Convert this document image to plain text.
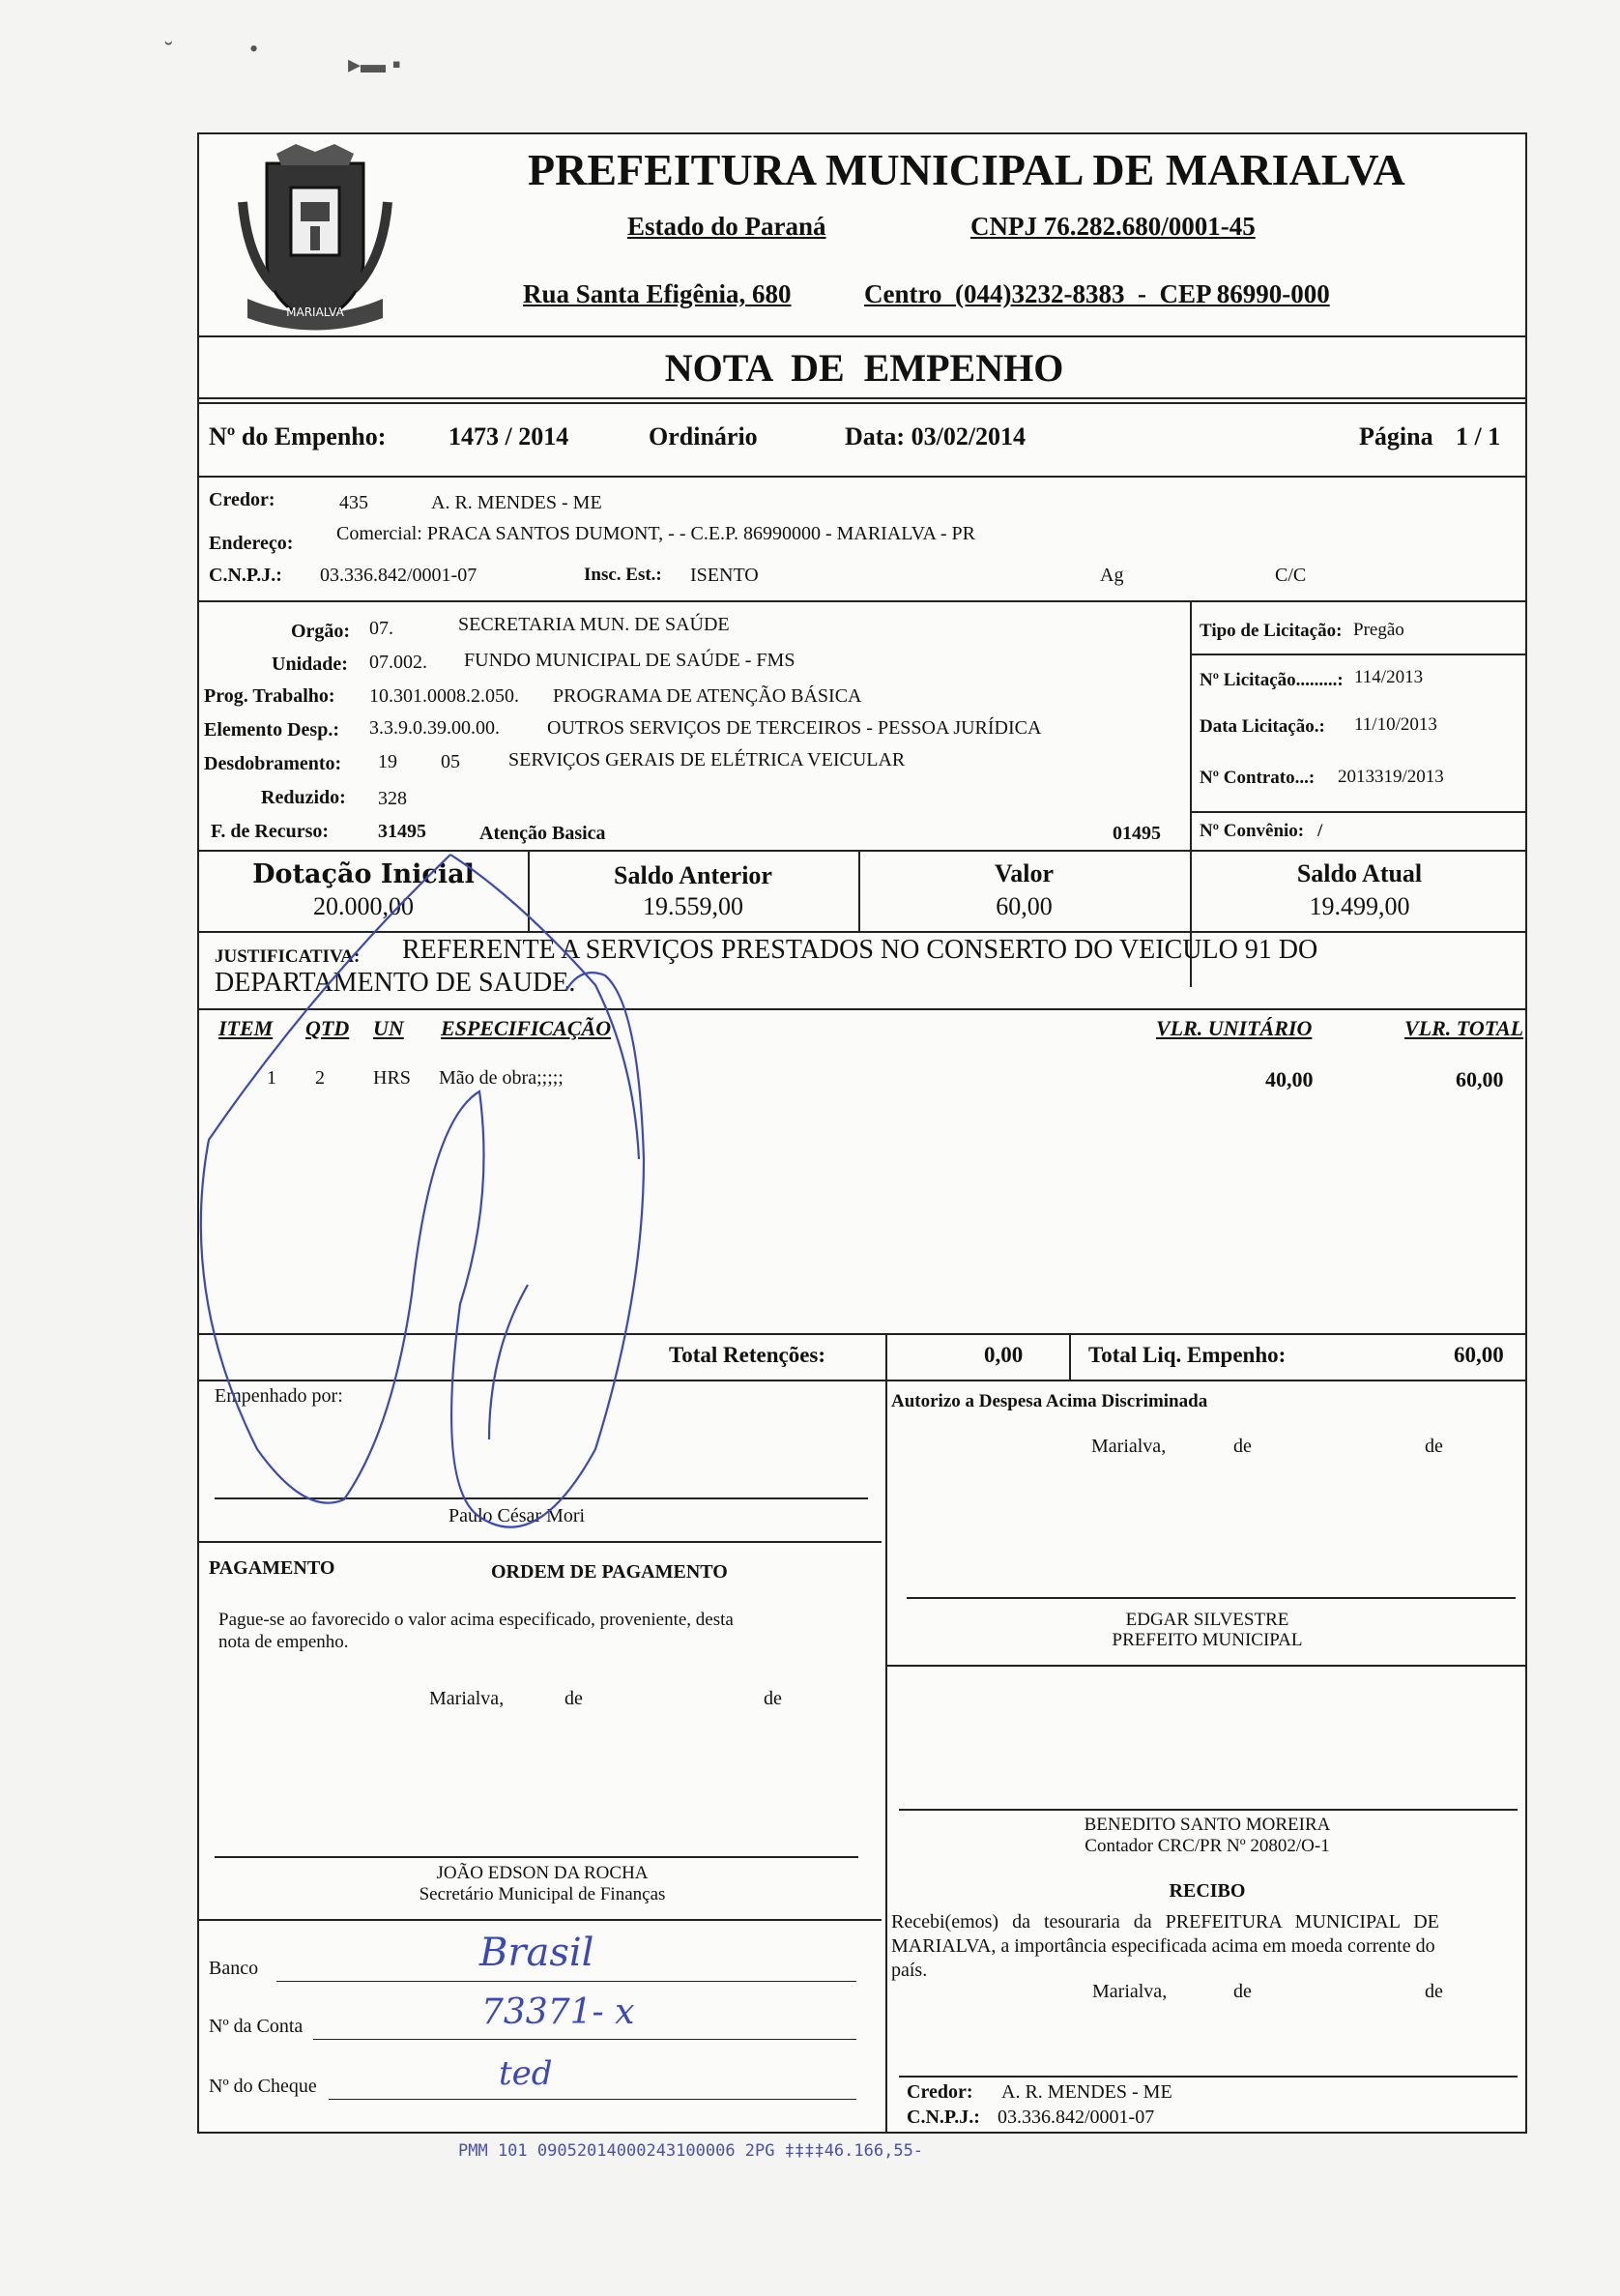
˘	•
▸▬ ▪
MARIALVA
PREFEITURA MUNICIPAL DE MARIALVA
Estado do Paraná	CNPJ 76.282.680/0001-45
Rua Santa Efigênia, 680	Centro  (044)3232-8383  -  CEP 86990-000
NOTA  DE  EMPENHO
Nº do Empenho: 1473 / 2014	Ordinário	Data: 03/02/2014	Página 1 / 1
Credor:	435	A. R. MENDES - ME
Endereço: Comercial: PRACA SANTOS DUMONT, - - C.E.P. 86990000 - MARIALVA - PR
C.N.P.J.: 03.336.842/0001-07	Insc. Est.: ISENTO	Ag	C/C
Orgão: 07.	SECRETARIA MUN. DE SAÚDE
Unidade: 07.002. FUNDO MUNICIPAL DE SAÚDE - FMS
Prog. Trabalho: 10.301.0008.2.050. PROGRAMA DE ATENÇÃO BÁSICA
Elemento Desp.: 3.3.9.0.39.00.00. OUTROS SERVIÇOS DE TERCEIROS - PESSOA JURÍDICA
Desdobramento: 19 05	SERVIÇOS GERAIS DE ELÉTRICA VEICULAR
Reduzido: 328
F. de Recurso:	31495	Atenção Basica	01495
Tipo de Licitação: Pregão
Nº Licitação.........: 114/2013
Data Licitação.: 11/10/2013
Nº Contrato...: 2013319/2013
Nº Convênio: /
Dotação Inicial
20.000,00
Saldo Anterior
19.559,00
Valor
60,00
Saldo Atual
19.499,00
JUSTIFICATIVA: REFERENTE A SERVIÇOS PRESTADOS NO CONSERTO DO VEICULO 91 DO
DEPARTAMENTO DE SAUDE.
ITEM QTD UN ESPECIFICAÇÃO	VLR. UNITÁRIO	VLR. TOTAL
1 2	HRS Mão de obra;;;;;	40,00	60,00
Total Retenções:	0,00	Total Liq. Empenho:	60,00
Empenhado por:
Paulo César Mori
Autorizo a Despesa Acima Discriminada
Marialva,	de	de
EDGAR SILVESTRE
PREFEITO MUNICIPAL
PAGAMENTO	ORDEM DE PAGAMENTO
Pague-se ao favorecido o valor acima especificado, proveniente, desta
nota de empenho.
Marialva,	de	de
JOÃO EDSON DA ROCHA
Secretário Municipal de Finanças
BENEDITO SANTO MOREIRA
Contador CRC/PR Nº 20802/O-1
RECIBO
Recebi(emos) da tesouraria da PREFEITURA MUNICIPAL DE
MARIALVA, a importância especificada acima em moeda corrente do
país.
Marialva,	de	de
Credor: A. R. MENDES - ME
C.N.P.J.: 03.336.842/0001-07
Banco	Brasil
Nº da Conta	73371- x
Nº do Cheque	ted
PMM 101 09052014000243100006 2PG ‡‡‡‡46.166,55-
